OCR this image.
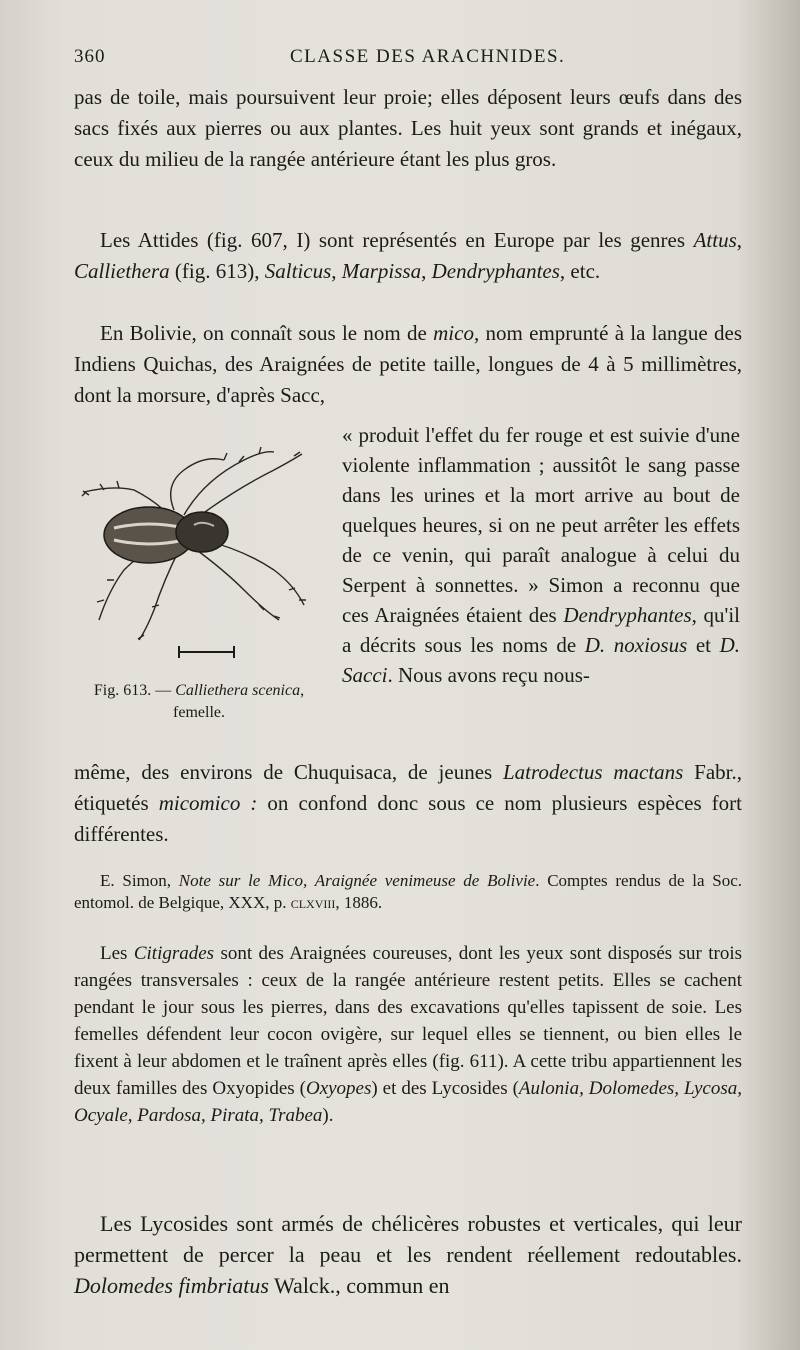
360	CLASSE DES ARACHNIDES.

pas de toile, mais poursuivent leur proie; elles déposent leurs œufs dans des sacs fixés aux pierres ou aux plantes. Les huit yeux sont grands et inégaux, ceux du milieu de la rangée antérieure étant les plus gros.

Les Attides (fig. 607, I) sont représentés en Europe par les genres Attus, Calliethera (fig. 613), Salticus, Marpissa, Dendryphantes, etc.

En Bolivie, on connaît sous le nom de mico, nom emprunté à la langue des Indiens Quichas, des Araignées de petite taille, longues de 4 à 5 millimètres, dont la morsure, d'après Sacc,

Fig. 613. — Calliethera scenica, femelle.
« produit l'effet du fer rouge et est suivie d'une violente inflammation ; aussitôt le sang passe dans les urines et la mort arrive au bout de quelques heures, si on ne peut arrêter les effets de ce venin, qui paraît analogue à celui du Serpent à sonnettes. » Simon a reconnu que ces Araignées étaient des Dendryphantes, qu'il a décrits sous les noms de D. noxiosus et D. Sacci. Nous avons reçu nous-

même, des environs de Chuquisaca, de jeunes Latrodectus mactans Fabr., étiquetés micomico : on confond donc sous ce nom plusieurs espèces fort différentes.

E. Simon, Note sur le Mico, Araignée venimeuse de Bolivie. Comptes rendus de la Soc. entomol. de Belgique, XXX, p. clxviii, 1886.

Les Citigrades sont des Araignées coureuses, dont les yeux sont disposés sur trois rangées transversales : ceux de la rangée antérieure restent petits. Elles se cachent pendant le jour sous les pierres, dans des excavations qu'elles tapissent de soie. Les femelles défendent leur cocon ovigère, sur lequel elles se tiennent, ou bien elles le fixent à leur abdomen et le traînent après elles (fig. 611). A cette tribu appartiennent les deux familles des Oxyopides (Oxyopes) et des Lycosides (Aulonia, Dolomedes, Lycosa, Ocyale, Pardosa, Pirata, Trabea).

Les Lycosides sont armés de chélicères robustes et verticales, qui leur permettent de percer la peau et les rendent réellement redoutables. Dolomedes fimbriatus Walck., commun en
